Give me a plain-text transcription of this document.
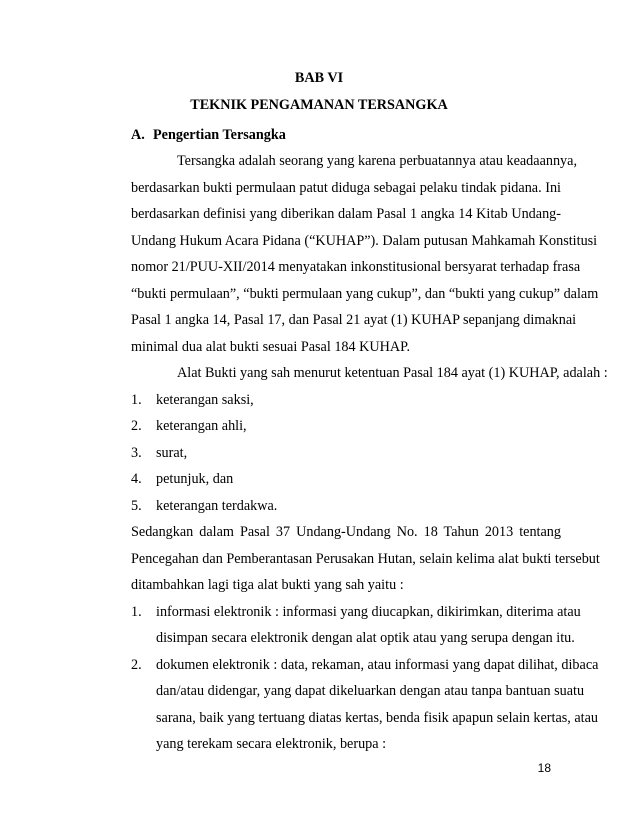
BAB VI
TEKNIK PENGAMANAN TERSANGKA
A. Pengertian Tersangka
Tersangka adalah seorang yang karena perbuatannya atau keadaannya,
berdasarkan bukti permulaan patut diduga sebagai pelaku tindak pidana. Ini
berdasarkan definisi yang diberikan dalam Pasal 1 angka 14 Kitab Undang-
Undang Hukum Acara Pidana (“KUHAP”). Dalam putusan Mahkamah Konstitusi
nomor 21/PUU-XII/2014 menyatakan inkonstitusional bersyarat terhadap frasa
“bukti permulaan”, “bukti permulaan yang cukup”, dan “bukti yang cukup” dalam
Pasal 1 angka 14, Pasal 17, dan Pasal 21 ayat (1) KUHAP sepanjang dimaknai
minimal dua alat bukti sesuai Pasal 184 KUHAP.
Alat Bukti yang sah menurut ketentuan Pasal 184 ayat (1) KUHAP, adalah :
1. keterangan saksi,
2. keterangan ahli,
3. surat,
4. petunjuk, dan
5. keterangan terdakwa.
Sedangkan dalam Pasal 37 Undang-Undang No. 18 Tahun 2013 tentang
Pencegahan dan Pemberantasan Perusakan Hutan, selain kelima alat bukti tersebut
ditambahkan lagi tiga alat bukti yang sah yaitu :
1. informasi elektronik : informasi yang diucapkan, dikirimkan, diterima atau
disimpan secara elektronik dengan alat optik atau yang serupa dengan itu.
2. dokumen elektronik : data, rekaman, atau informasi yang dapat dilihat, dibaca
dan/atau didengar, yang dapat dikeluarkan dengan atau tanpa bantuan suatu
sarana, baik yang tertuang diatas kertas, benda fisik apapun selain kertas, atau
yang terekam secara elektronik, berupa :
18
